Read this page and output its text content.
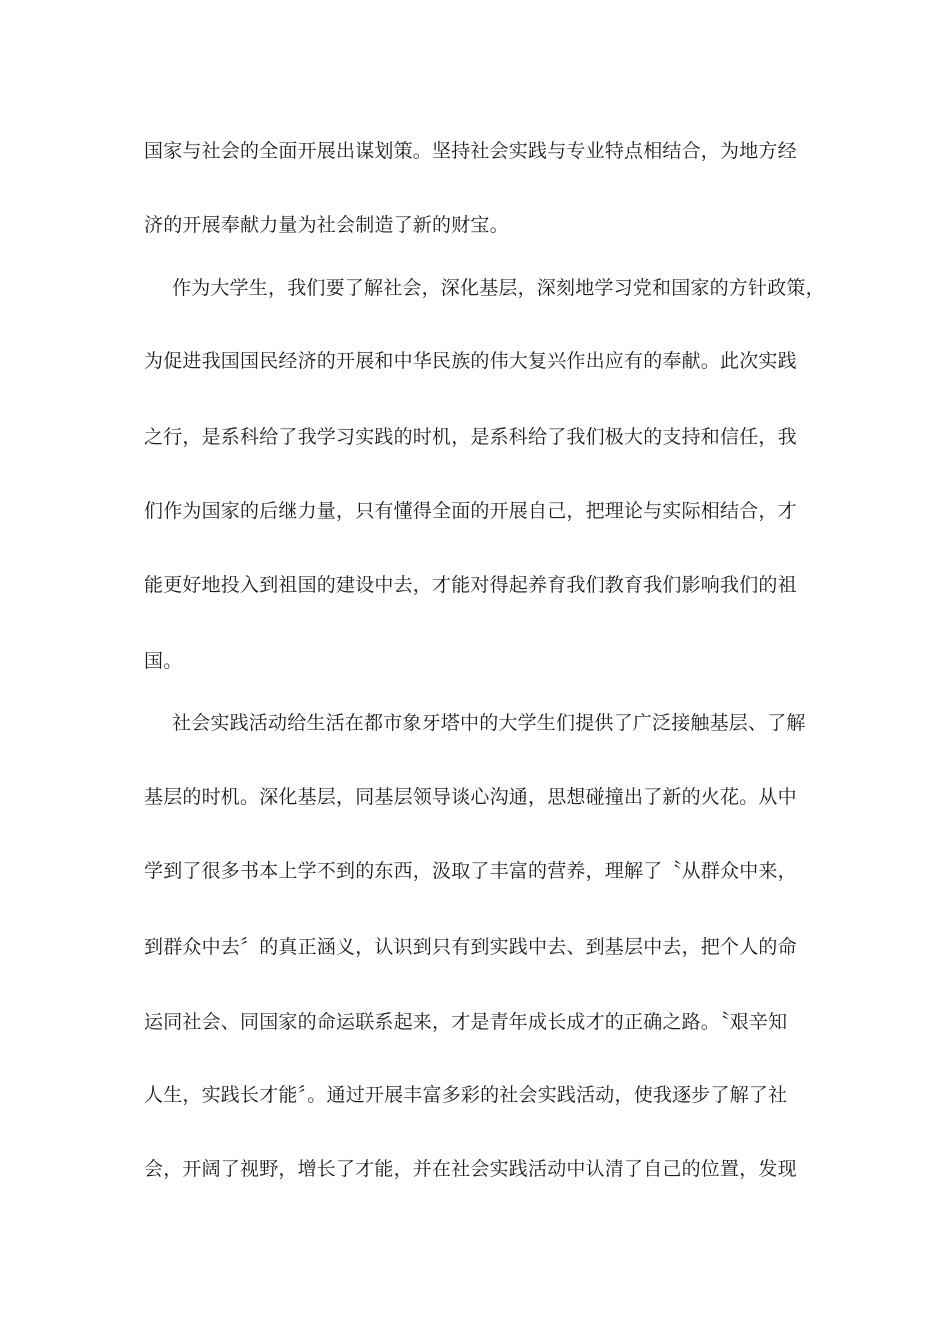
国家与社会的全面开展出谋划策。坚持社会实践与专业特点相结合，为地方经
济的开展奉献力量为社会制造了新的财宝。
作为大学生，我们要了解社会，深化基层，深刻地学习党和国家的方针政策，
为促进我国国民经济的开展和中华民族的伟大复兴作出应有的奉献。此次实践
之行，是系科给了我学习实践的时机，是系科给了我们极大的支持和信任，我
们作为国家的后继力量，只有懂得全面的开展自己，把理论与实际相结合，才
能更好地投入到祖国的建设中去，才能对得起养育我们教育我们影响我们的祖
国。
社会实践活动给生活在都市象牙塔中的大学生们提供了广泛接触基层、了解
基层的时机。深化基层，同基层领导谈心沟通，思想碰撞出了新的火花。从中
学到了很多书本上学不到的东西，汲取了丰富的营养，理解了〝从群众中来，
到群众中去〞的真正涵义，认识到只有到实践中去、到基层中去，把个人的命
运同社会、同国家的命运联系起来，才是青年成长成才的正确之路。〝艰辛知
人生，实践长才能〞。通过开展丰富多彩的社会实践活动，使我逐步了解了社
会，开阔了视野，增长了才能，并在社会实践活动中认清了自己的位置，发现
